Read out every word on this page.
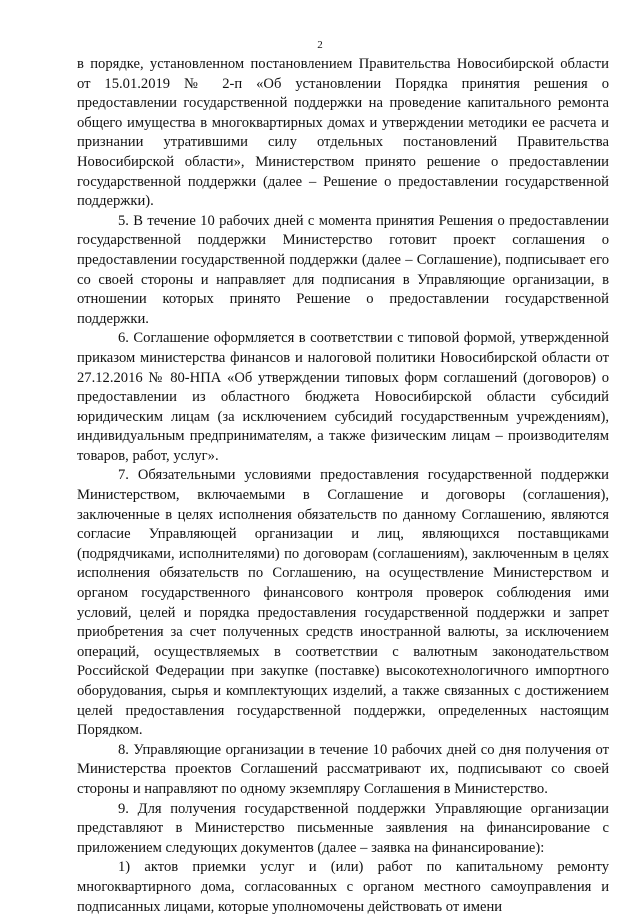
2

в порядке, установленном постановлением Правительства Новосибирской области от 15.01.2019 № 2-п «Об установлении Порядка принятия решения о предоставлении государственной поддержки на проведение капитального ремонта общего имущества в многоквартирных домах и утверждении методики ее расчета и признании утратившими силу отдельных постановлений Правительства Новосибирской области», Министерством принято решение о предоставлении государственной поддержки (далее – Решение о предоставлении государственной поддержки).

5. В течение 10 рабочих дней с момента принятия Решения о предоставлении государственной поддержки Министерство готовит проект соглашения о предоставлении государственной поддержки (далее – Соглашение), подписывает его со своей стороны и направляет для подписания в Управляющие организации, в отношении которых принято Решение о предоставлении государственной поддержки.

6. Соглашение оформляется в соответствии с типовой формой, утвержденной приказом министерства финансов и налоговой политики Новосибирской области от 27.12.2016 № 80-НПА «Об утверждении типовых форм соглашений (договоров) о предоставлении из областного бюджета Новосибирской области субсидий юридическим лицам (за исключением субсидий государственным учреждениям), индивидуальным предпринимателям, а также физическим лицам – производителям товаров, работ, услуг».

7. Обязательными условиями предоставления государственной поддержки Министерством, включаемыми в Соглашение и договоры (соглашения), заключенные в целях исполнения обязательств по данному Соглашению, являются согласие Управляющей организации и лиц, являющихся поставщиками (подрядчиками, исполнителями) по договорам (соглашениям), заключенным в целях исполнения обязательств по Соглашению, на осуществление Министерством и органом государственного финансового контроля проверок соблюдения ими условий, целей и порядка предоставления государственной поддержки и запрет приобретения за счет полученных средств иностранной валюты, за исключением операций, осуществляемых в соответствии с валютным законодательством Российской Федерации при закупке (поставке) высокотехнологичного импортного оборудования, сырья и комплектующих изделий, а также связанных с достижением целей предоставления государственной поддержки, определенных настоящим Порядком.

8. Управляющие организации в течение 10 рабочих дней со дня получения от Министерства проектов Соглашений рассматривают их, подписывают со своей стороны и направляют по одному экземпляру Соглашения в Министерство.

9. Для получения государственной поддержки Управляющие организации представляют в Министерство письменные заявления на финансирование с приложением следующих документов (далее – заявка на финансирование):

1) актов приемки услуг и (или) работ по капитальному ремонту многоквартирного дома, согласованных с органом местного самоуправления и подписанных лицами, которые уполномочены действовать от имени
